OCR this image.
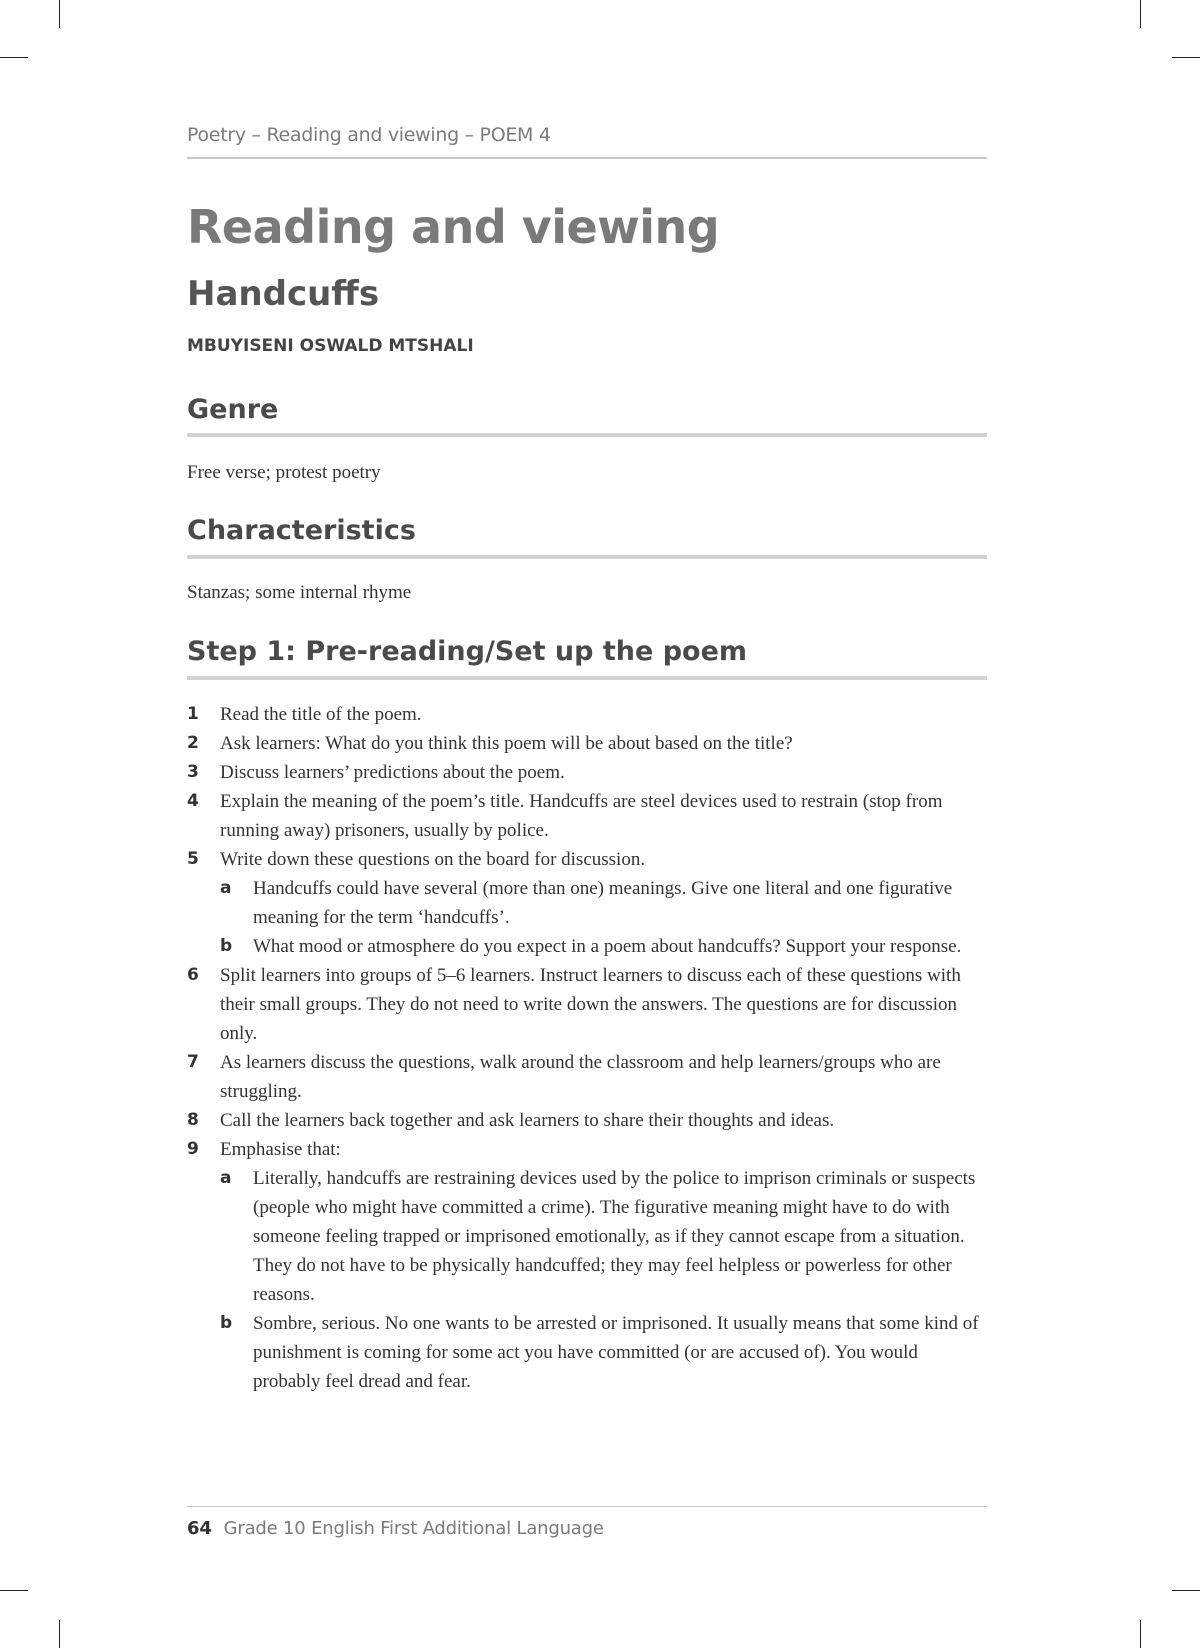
Poetry – Reading and viewing – POEM 4
Reading and viewing
Handcuffs
MBUYISENI OSWALD MTSHALI
Genre
Free verse; protest poetry
Characteristics
Stanzas; some internal rhyme
Step 1: Pre-reading/Set up the poem
1	Read the title of the poem.
2	Ask learners: What do you think this poem will be about based on the title?
3	Discuss learners’ predictions about the poem.
4	Explain the meaning of the poem’s title. Handcuffs are steel devices used to restrain (stop from running away) prisoners, usually by police.
5	Write down these questions on the board for discussion.
a	Handcuffs could have several (more than one) meanings. Give one literal and one figurative meaning for the term ‘handcuffs’.
b	What mood or atmosphere do you expect in a poem about handcuffs? Support your response.
6	Split learners into groups of 5–6 learners. Instruct learners to discuss each of these questions with their small groups. They do not need to write down the answers. The questions are for discussion only.
7	As learners discuss the questions, walk around the classroom and help learners/groups who are struggling.
8	Call the learners back together and ask learners to share their thoughts and ideas.
9	Emphasise that:
a	Literally, handcuffs are restraining devices used by the police to imprison criminals or suspects (people who might have committed a crime). The figurative meaning might have to do with someone feeling trapped or imprisoned emotionally, as if they cannot escape from a situation. They do not have to be physically handcuffed; they may feel helpless or powerless for other reasons.
b	Sombre, serious. No one wants to be arrested or imprisoned. It usually means that some kind of punishment is coming for some act you have committed (or are accused of). You would probably feel dread and fear.
64 Grade 10 English First Additional Language
